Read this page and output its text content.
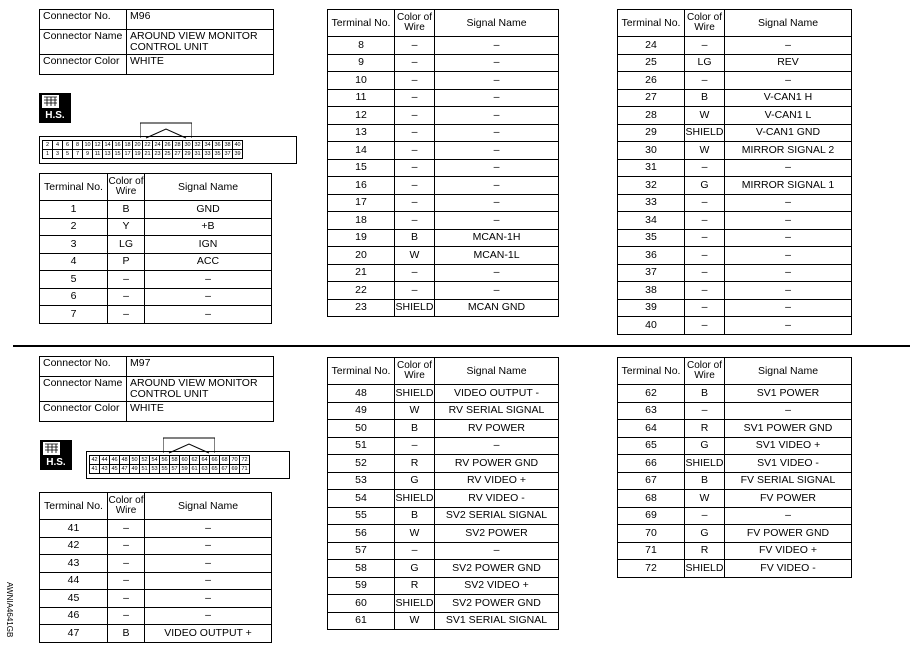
Connector No.	M96
Connector Name	AROUND VIEW MONITOR
CONTROL UNIT

Connector Color	WHITE
H.S.
2	4	6	8	10	12	14	16	18	20	22	24	26	28	30	32	34	36	38	40
1	3	5	7	9	11	13	15	17	19	21	23	25	27	29	31	33	35	37	39
Connector No.	M97
Connector Name	AROUND VIEW MONITOR
CONTROL UNIT

Connector Color	WHITE
H.S.	42	44	46	48	50	52	54	56	58	60	62	64	66	68	70	72
41	43	45	47	49	51	53	55	57	59	61	63	65	67	69	71
Terminal No.	Color of
Wire	Signal Name
1	B	GND
2	Y	+B
3	LG	IGN
4	P	ACC
5	–	–
6	–	–
7	–	–
Terminal No.	Color of
Wire	Signal Name
8	–	–
9	–	–
10	–	–
11	–	–
12	–	–
13	–	–
14	–	–
15	–	–
16	–	–
17	–	–
18	–	–
19	B	MCAN-1H
20	W	MCAN-1L
21	–	–
22	–	–
23	SHIELD	MCAN GND
Terminal No.	Color of
Wire	Signal Name
24	–	–
25	LG	REV
26	–	–
27	B	V-CAN1 H
28	W	V-CAN1 L
29	SHIELD	V-CAN1 GND
30	W	MIRROR SIGNAL 2
31	–	–
32	G	MIRROR SIGNAL 1
33	–	–
34	–	–
35	–	–
36	–	–
37	–	–
38	–	–
39	–	–
40	–	–
Terminal No.	Color of
Wire	Signal Name
41	–	–
42	–	–
43	–	–
44	–	–
45	–	–
46	–	–
47	B	VIDEO OUTPUT +
Terminal No.	Color of
Wire	Signal Name
48	SHIELD	VIDEO OUTPUT -
49	W	RV SERIAL SIGNAL
50	B	RV POWER
51	–	–
52	R	RV POWER GND
53	G	RV VIDEO +
54	SHIELD	RV VIDEO -
55	B	SV2 SERIAL SIGNAL
56	W	SV2 POWER
57	–	–
58	G	SV2 POWER GND
59	R	SV2 VIDEO +
60	SHIELD	SV2 POWER GND
61	W	SV1 SERIAL SIGNAL
Terminal No.	Color of
Wire	Signal Name
62	B	SV1 POWER
63	–	–
64	R	SV1 POWER GND
65	G	SV1 VIDEO +
66	SHIELD	SV1 VIDEO -
67	B	FV SERIAL SIGNAL
68	W	FV POWER
69	–	–
70	G	FV POWER GND
71	R	FV VIDEO +
72	SHIELD	FV VIDEO -
AWNIA4641GB
